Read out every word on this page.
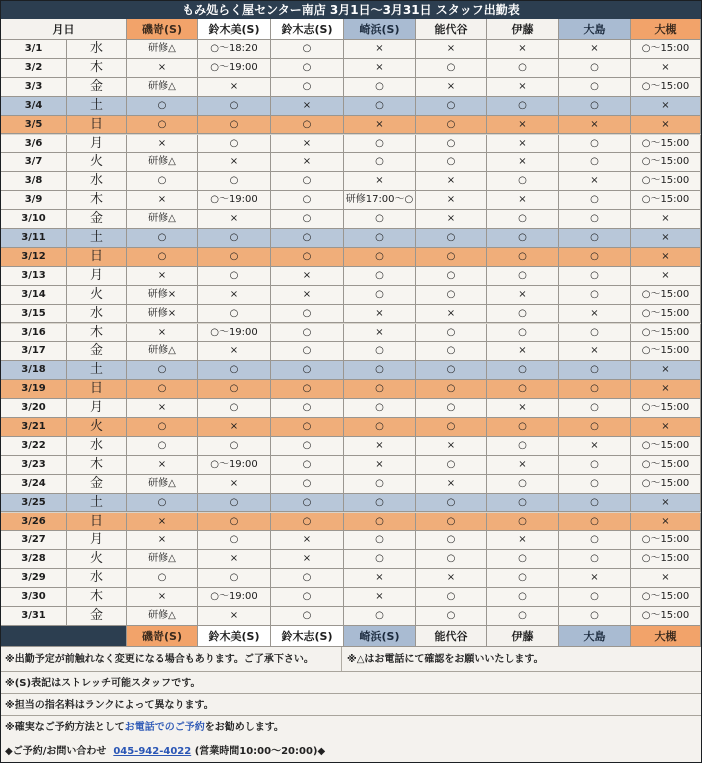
もみ処らく屋センター南店 3月1日～3月31日 スタッフ出勤表
月日	磯嵜(S)	鈴木美(S)	鈴木志(S)	崎浜(S)	能代谷	伊藤	大島	大槻
3/1	水	研修△	○～18:20	○	×	×	×	×	○～15:00
3/2	木	×	○～19:00	○	×	○	○	○	×
3/3	金	研修△	×	○	○	×	×	○	○～15:00
3/4	土	○	○	×	○	○	○	○	×
3/5	日	○	○	○	×	○	×	×	×
3/6	月	×	○	×	○	○	×	○	○～15:00
3/7	火	研修△	×	×	○	○	×	○	○～15:00
3/8	水	○	○	○	×	×	○	×	○～15:00
3/9	木	×	○～19:00	○	研修17:00～○	×	×	○	○～15:00
3/10	金	研修△	×	○	○	×	○	○	×
3/11	土	○	○	○	○	○	○	○	×
3/12	日	○	○	○	○	○	○	○	×
3/13	月	×	○	×	○	○	○	○	×
3/14	火	研修×	×	×	○	○	×	○	○～15:00
3/15	水	研修×	○	○	×	×	○	×	○～15:00
3/16	木	×	○～19:00	○	×	○	○	○	○～15:00
3/17	金	研修△	×	○	○	○	×	×	○～15:00
3/18	土	○	○	○	○	○	○	○	×
3/19	日	○	○	○	○	○	○	○	×
3/20	月	×	○	○	○	○	×	○	○～15:00
3/21	火	○	×	○	○	○	○	○	×
3/22	水	○	○	○	×	×	○	×	○～15:00
3/23	木	×	○～19:00	○	×	○	×	○	○～15:00
3/24	金	研修△	×	○	○	×	○	○	○～15:00
3/25	土	○	○	○	○	○	○	○	×
3/26	日	×	○	○	○	○	○	○	×
3/27	月	×	○	×	○	○	×	○	○～15:00
3/28	火	研修△	×	×	○	○	○	○	○～15:00
3/29	水	○	○	○	×	×	○	×	×
3/30	木	×	○～19:00	○	×	○	○	○	○～15:00
3/31	金	研修△	×	○	○	○	○	○	○～15:00
磯嵜(S)	鈴木美(S)	鈴木志(S)	崎浜(S)	能代谷	伊藤	大島	大槻
※出勤予定が前触れなく変更になる場合もあります。ご了承下さい。	※△はお電話にて確認をお願いいたします。
※(S)表記はストレッチ可能スタッフです。
※担当の指名料はランクによって異なります。
※確実なご予約方法としてお電話でのご予約をお勧めします。
◆ご予約/お問い合わせ 045-942-4022 (営業時間10:00～20:00)◆
